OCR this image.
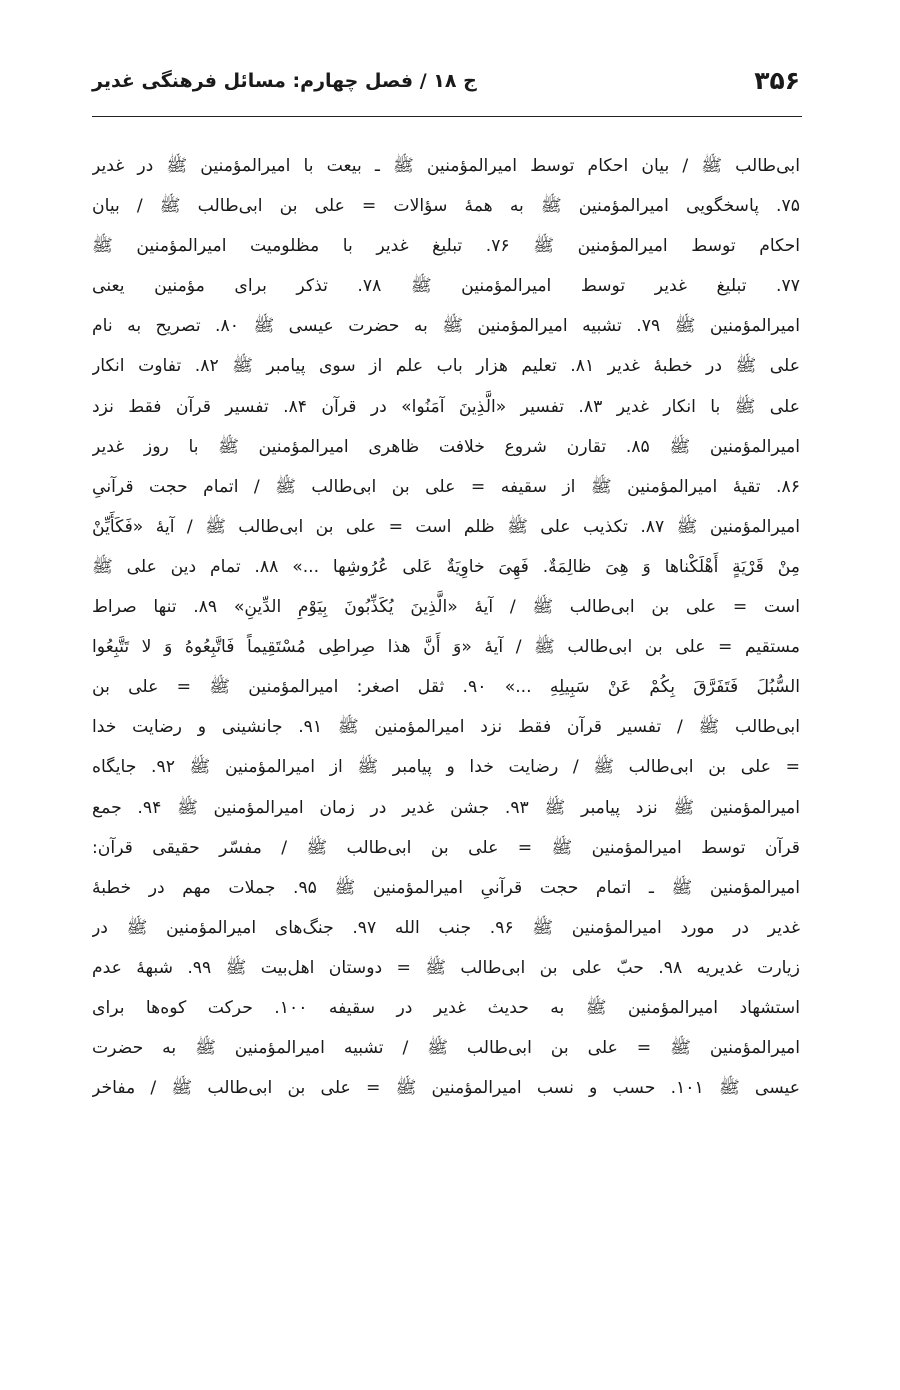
۳۵۶
ج ۱۸ / فصل چهارم: مسائل فرهنگی غدیر
ابی‌طالب ﷺ / بیان احکام توسط امیرالمؤمنین ﷺ ـ بیعت با امیرالمؤمنین ﷺ در غدیر
۷۵. پاسخگویی امیرالمؤمنین ﷺ به همهٔ سؤالات = علی بن ابی‌طالب ﷺ / بیان
احکام توسط امیرالمؤمنین ﷺ ۷۶. تبلیغ غدیر با مظلومیت امیرالمؤمنین ﷺ
۷۷. تبلیغ غدیر توسط امیرالمؤمنین ﷺ ۷۸. تذکر برای مؤمنین یعنی
امیرالمؤمنین ﷺ ۷۹. تشبیه امیرالمؤمنین ﷺ به حضرت عیسی ﷺ ۸۰. تصریح به نام
علی ﷺ در خطبهٔ غدیر ۸۱. تعلیم هزار باب علم از سوی پیامبر ﷺ ۸۲. تفاوت انکار
علی ﷺ با انکار غدیر ۸۳. تفسیر «الَّذِینَ آمَنُوا» در قرآن ۸۴. تفسیر قرآن فقط نزد
امیرالمؤمنین ﷺ ۸۵. تقارن شروع خلافت ظاهری امیرالمؤمنین ﷺ با روز غدیر
۸۶. تقیهٔ امیرالمؤمنین ﷺ از سقیفه = علی بن ابی‌طالب ﷺ / اتمام حجت قرآنیِ
امیرالمؤمنین ﷺ ۸۷. تکذیب علی ﷺ ظلم است = علی بن ابی‌طالب ﷺ / آیهٔ «فَکَأَیِّنْ
مِنْ قَرْیَةٍ أَهْلَکْناها وَ هِیَ ظالِمَةٌ. فَهِیَ خاوِیَةٌ عَلی عُرُوشِها ...» ۸۸. تمام دین علی ﷺ
است = علی بن ابی‌طالب ﷺ / آیهٔ «الَّذِینَ یُکَذِّبُونَ بِیَوْمِ الدِّینِ» ۸۹. تنها صراط
مستقیم = علی بن ابی‌طالب ﷺ / آیهٔ «وَ أَنَّ هذا صِراطِی مُسْتَقِیماً فَاتَّبِعُوهُ وَ لا تَتَّبِعُوا
السُّبُلَ فَتَفَرَّقَ بِکُمْ عَنْ سَبِیلِهِ ...» ۹۰. ثقل اصغر: امیرالمؤمنین ﷺ = علی بن
ابی‌طالب ﷺ / تفسیر قرآن فقط نزد امیرالمؤمنین ﷺ ۹۱. جانشینی و رضایت خدا
= علی بن ابی‌طالب ﷺ / رضایت خدا و پیامبر ﷺ از امیرالمؤمنین ﷺ ۹۲. جایگاه
امیرالمؤمنین ﷺ نزد پیامبر ﷺ ۹۳. جشن غدیر در زمان امیرالمؤمنین ﷺ ۹۴. جمع
قرآن توسط امیرالمؤمنین ﷺ = علی بن ابی‌طالب ﷺ / مفسّر حقیقی قرآن:
امیرالمؤمنین ﷺ ـ اتمام حجت قرآنیِ امیرالمؤمنین ﷺ ۹۵. جملات مهم در خطبهٔ
غدیر در مورد امیرالمؤمنین ﷺ ۹۶. جنب الله ۹۷. جنگ‌های امیرالمؤمنین ﷺ در
زیارت غدیریه ۹۸. حبّ علی بن ابی‌طالب ﷺ = دوستان اهل‌بیت ﷺ ۹۹. شبههٔ عدم
استشهاد امیرالمؤمنین ﷺ به حدیث غدیر در سقیفه ۱۰۰. حرکت کوه‌ها برای
امیرالمؤمنین ﷺ = علی بن ابی‌طالب ﷺ / تشبیه امیرالمؤمنین ﷺ به حضرت
عیسی ﷺ ۱۰۱. حسب و نسب امیرالمؤمنین ﷺ = علی بن ابی‌طالب ﷺ / مفاخر
